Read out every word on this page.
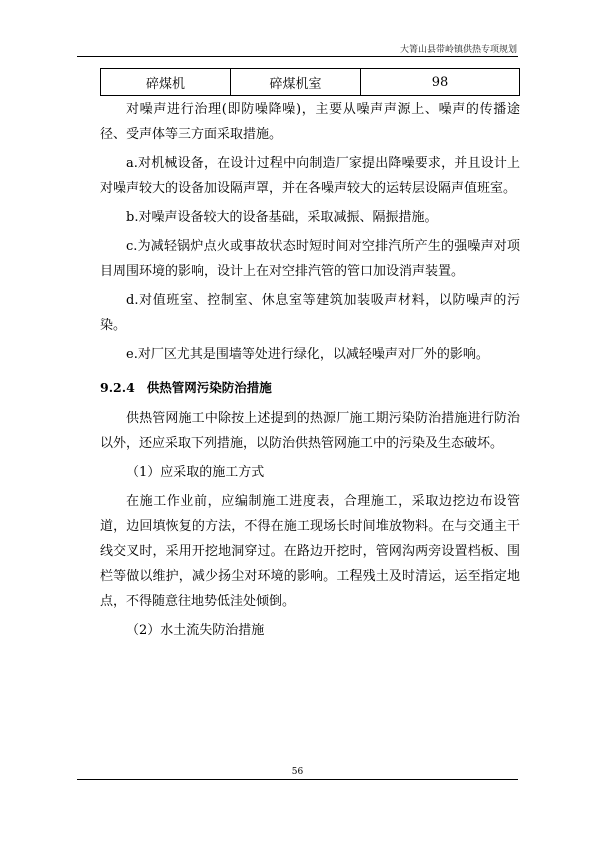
大箐山县带岭镇供热专项规划
碎煤机	碎煤机室	98

对噪声进行治理(即防噪降噪)，主要从噪声声源上、噪声的传播途径、受声体等三方面采取措施。

a.对机械设备，在设计过程中向制造厂家提出降噪要求，并且设计上对噪声较大的设备加设隔声罩，并在各噪声较大的运转层设隔声值班室。

b.对噪声设备较大的设备基础，采取减振、隔振措施。

c.为减轻锅炉点火或事故状态时短时间对空排汽所产生的强噪声对项目周围环境的影响，设计上在对空排汽管的管口加设消声装置。

d.对值班室、控制室、休息室等建筑加装吸声材料，以防噪声的污染。

e.对厂区尤其是围墙等处进行绿化，以减轻噪声对厂外的影响。

9.2.4 供热管网污染防治措施

供热管网施工中除按上述提到的热源厂施工期污染防治措施进行防治以外，还应采取下列措施，以防治供热管网施工中的污染及生态破坏。

（1）应采取的施工方式

在施工作业前，应编制施工进度表，合理施工，采取边挖边布设管道，边回填恢复的方法，不得在施工现场长时间堆放物料。在与交通主干线交叉时，采用开挖地洞穿过。在路边开挖时，管网沟两旁设置档板、围栏等做以维护，减少扬尘对环境的影响。工程残土及时清运，运至指定地点，不得随意往地势低洼处倾倒。

（2）水土流失防治措施

56
